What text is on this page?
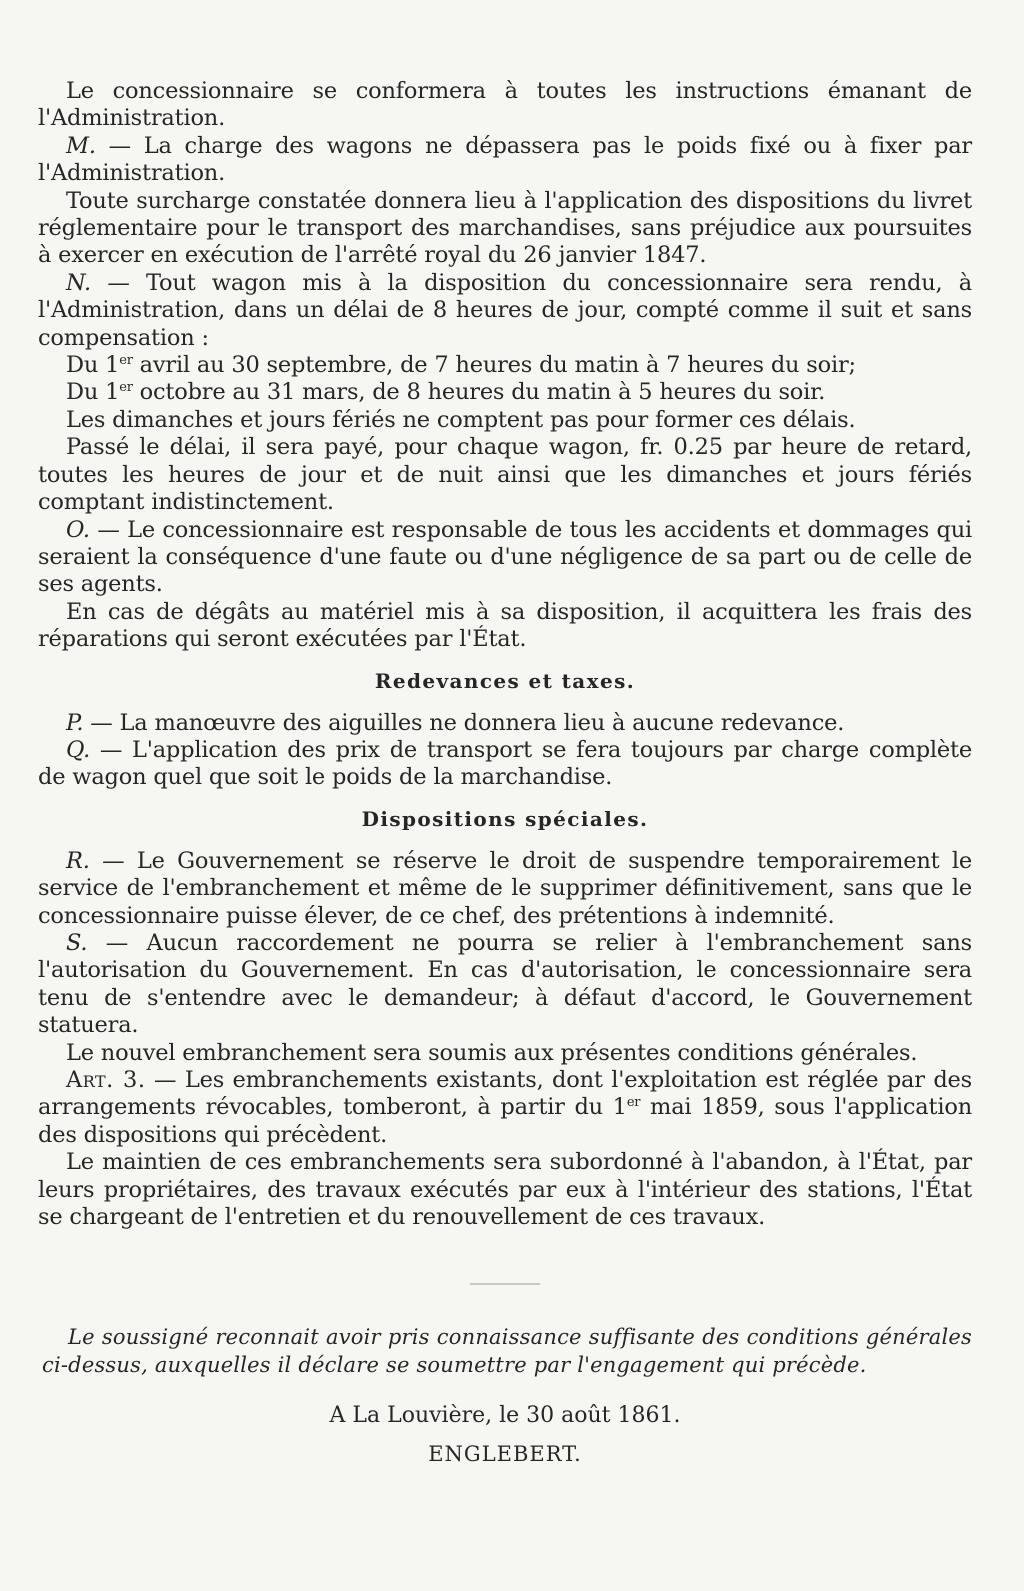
Le concessionnaire se conformera à toutes les instructions émanant de l'Administration.

M. — La charge des wagons ne dépassera pas le poids fixé ou à fixer par l'Administration.

Toute surcharge constatée donnera lieu à l'application des dispositions du livret réglementaire pour le transport des marchandises, sans préjudice aux poursuites à exercer en exécution de l'arrêté royal du 26 janvier 1847.

N. — Tout wagon mis à la disposition du concessionnaire sera rendu, à l'Administration, dans un délai de 8 heures de jour, compté comme il suit et sans compensation :

Du 1er avril au 30 septembre, de 7 heures du matin à 7 heures du soir;

Du 1er octobre au 31 mars, de 8 heures du matin à 5 heures du soir.

Les dimanches et jours fériés ne comptent pas pour former ces délais.

Passé le délai, il sera payé, pour chaque wagon, fr. 0.25 par heure de retard, toutes les heures de jour et de nuit ainsi que les dimanches et jours fériés comptant indistinctement.

O. — Le concessionnaire est responsable de tous les accidents et dommages qui seraient la conséquence d'une faute ou d'une négligence de sa part ou de celle de ses agents.

En cas de dégâts au matériel mis à sa disposition, il acquittera les frais des réparations qui seront exécutées par l'État.

Redevances et taxes.

P. — La manœuvre des aiguilles ne donnera lieu à aucune redevance.

Q. — L'application des prix de transport se fera toujours par charge complète de wagon quel que soit le poids de la marchandise.

Dispositions spéciales.

R. — Le Gouvernement se réserve le droit de suspendre temporairement le service de l'embranchement et même de le supprimer définitivement, sans que le concessionnaire puisse élever, de ce chef, des prétentions à indemnité.

S. — Aucun raccordement ne pourra se relier à l'embranchement sans l'autorisation du Gouvernement. En cas d'autorisation, le concessionnaire sera tenu de s'entendre avec le demandeur; à défaut d'accord, le Gouvernement statuera.

Le nouvel embranchement sera soumis aux présentes conditions générales.

Art. 3. — Les embranchements existants, dont l'exploitation est réglée par des arrangements révocables, tomberont, à partir du 1er mai 1859, sous l'application des dispositions qui précèdent.

Le maintien de ces embranchements sera subordonné à l'abandon, à l'État, par leurs propriétaires, des travaux exécutés par eux à l'intérieur des stations, l'État se chargeant de l'entretien et du renouvellement de ces travaux.

Le soussigné reconnait avoir pris connaissance suffisante des conditions générales ci-dessus, auxquelles il déclare se soumettre par l'engagement qui précède.

A La Louvière, le 30 août 1861.
ENGLEBERT.
